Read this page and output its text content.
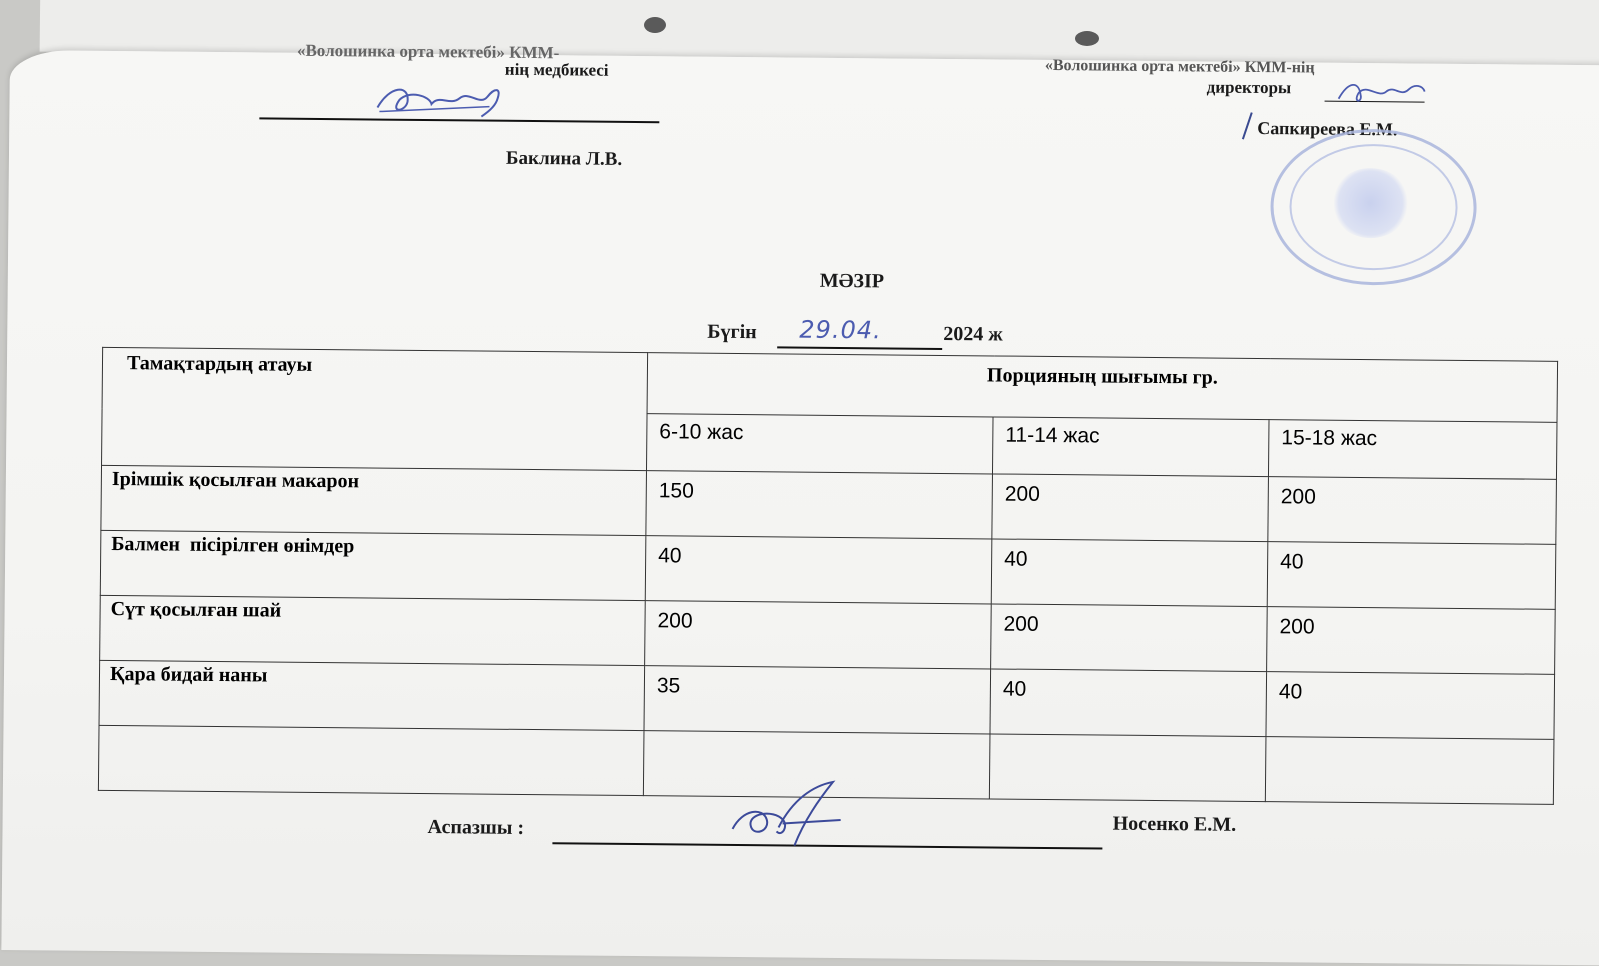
«Волошинка орта мектебі» КММ-
нің медбикесі
Баклина Л.В.
«Волошинка орта мектебі» КММ-нің
директоры
Сапкиреева Е.М.
МӘЗІР
Бүгін 29.04.	2024 ж
Тамақтардың атауы	Порцияның шығымы гр.		
	6-10 жас	11-14 жас	15-18 жас
Ірімшік қосылған макарон	150	200	200
Балмен  пісірілген өнімдер	40	40	40
Сүт қосылған шай	200	200	200
Қара бидай наны	35	40	40

Аспазшы :	Носенко Е.М.
